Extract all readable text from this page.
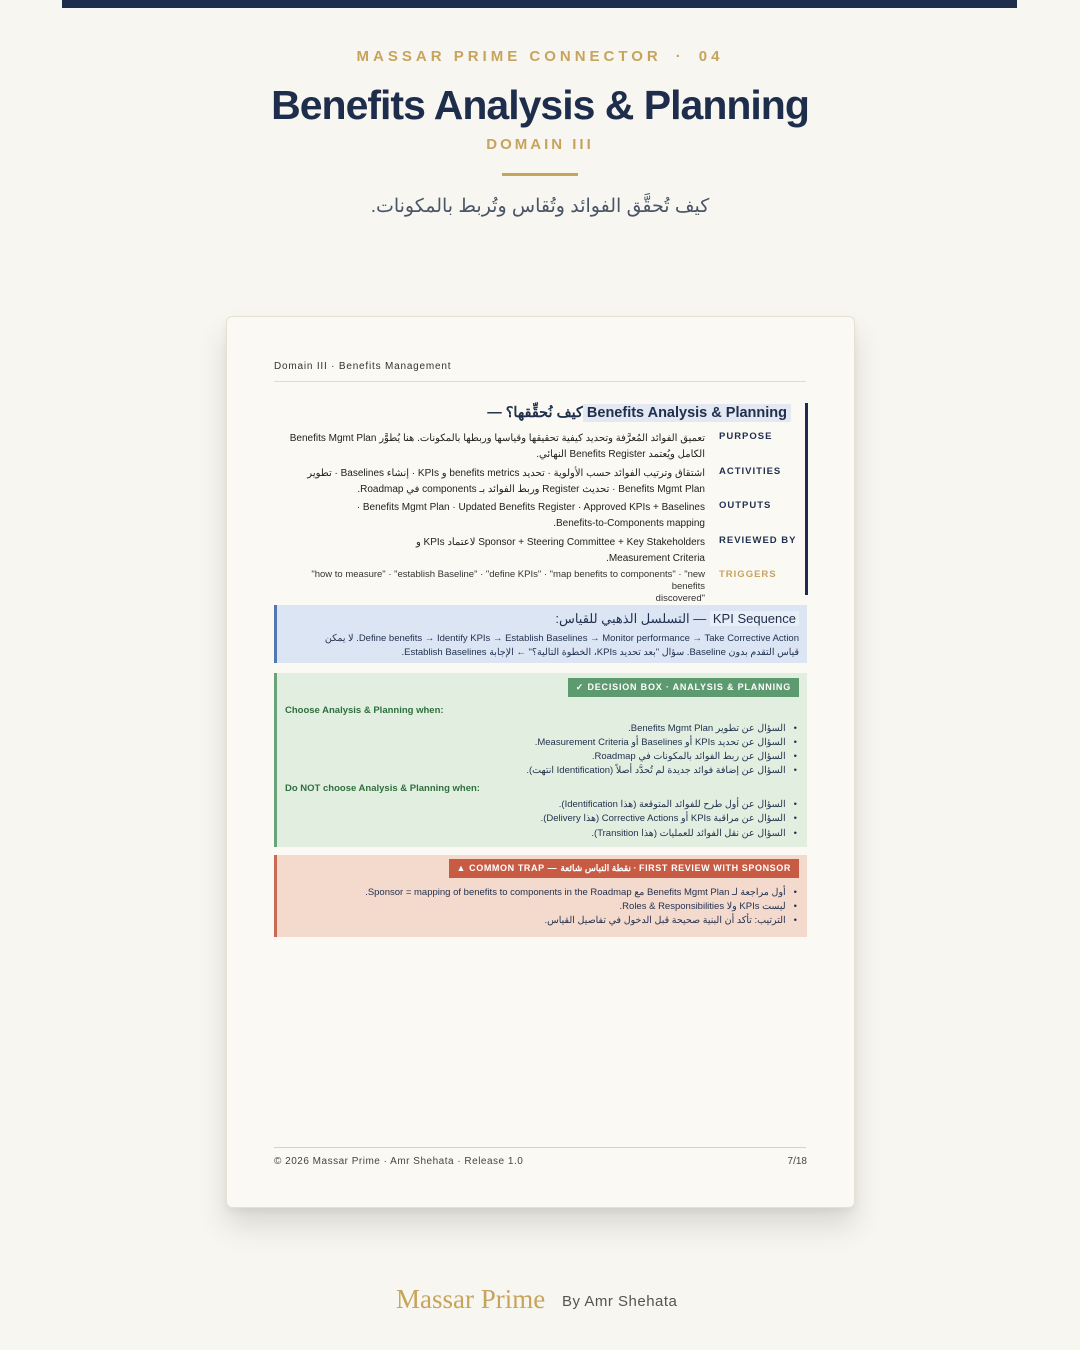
MASSAR PRIME CONNECTOR · 04
Benefits Analysis & Planning
DOMAIN III
كيف تُحقَّق الفوائد وتُقاس وتُربط بالمكونات.
Domain III · Benefits Management
— كيف نُحقِّقها؟ Benefits Analysis & Planning
PURPOSE
تعميق الفوائد المُعرَّفة وتحديد كيفية تحقيقها وقياسها وربطها بالمكونات. هنا يُطوَّر Benefits Mgmt Plan
الكامل ويُعتمد Benefits Register النهائي.
ACTIVITIES
اشتقاق وترتيب الفوائد حسب الأولوية · تحديد benefits metrics و KPIs · إنشاء Baselines · تطوير
Benefits Mgmt Plan · تحديث Register وربط الفوائد بـ components في Roadmap.
OUTPUTS
Benefits Mgmt Plan · Updated Benefits Register · Approved KPIs + Baselines ·
Benefits-to-Components mapping.
REVIEWED BY
Sponsor + Steering Committee + Key Stakeholders لاعتماد KPIs و
Measurement Criteria.
TRIGGERS
"how to measure" · "establish Baseline" · "define KPIs" · "map benefits to components" · "new benefits
discovered"
KPI Sequence — التسلسل الذهبي للقياس:
Define benefits → Identify KPIs → Establish Baselines → Monitor performance → Take Corrective Action. لا يمكن
قياس التقدم بدون Baseline. سؤال "بعد تحديد KPIs، الخطوة التالية؟" ← الإجابة Establish Baselines.
✓ DECISION BOX · ANALYSIS & PLANNING
Choose Analysis & Planning when:
• السؤال عن تطوير Benefits Mgmt Plan.
• السؤال عن تحديد KPIs أو Baselines أو Measurement Criteria.
• السؤال عن ربط الفوائد بالمكونات في Roadmap.
• السؤال عن إضافة فوائد جديدة لم تُحدَّد أصلاً (Identification انتهت).
Do NOT choose Analysis & Planning when:
• السؤال عن أول طرح للفوائد المتوقعة (هذا Identification).
• السؤال عن مراقبة KPIs أو Corrective Actions (هذا Delivery).
• السؤال عن نقل الفوائد للعمليات (هذا Transition).
▲ COMMON TRAP — نقطة التباس شائعة · FIRST REVIEW WITH SPONSOR
• أول مراجعة لـ Benefits Mgmt Plan مع Sponsor = mapping of benefits to components in the Roadmap.
• ليست KPIs ولا Roles & Responsibilities.
• الترتيب: تأكد أن البنية صحيحة قبل الدخول في تفاصيل القياس.
© 2026 Massar Prime · Amr Shehata · Release 1.0	7/18
Massar Prime By Amr Shehata
